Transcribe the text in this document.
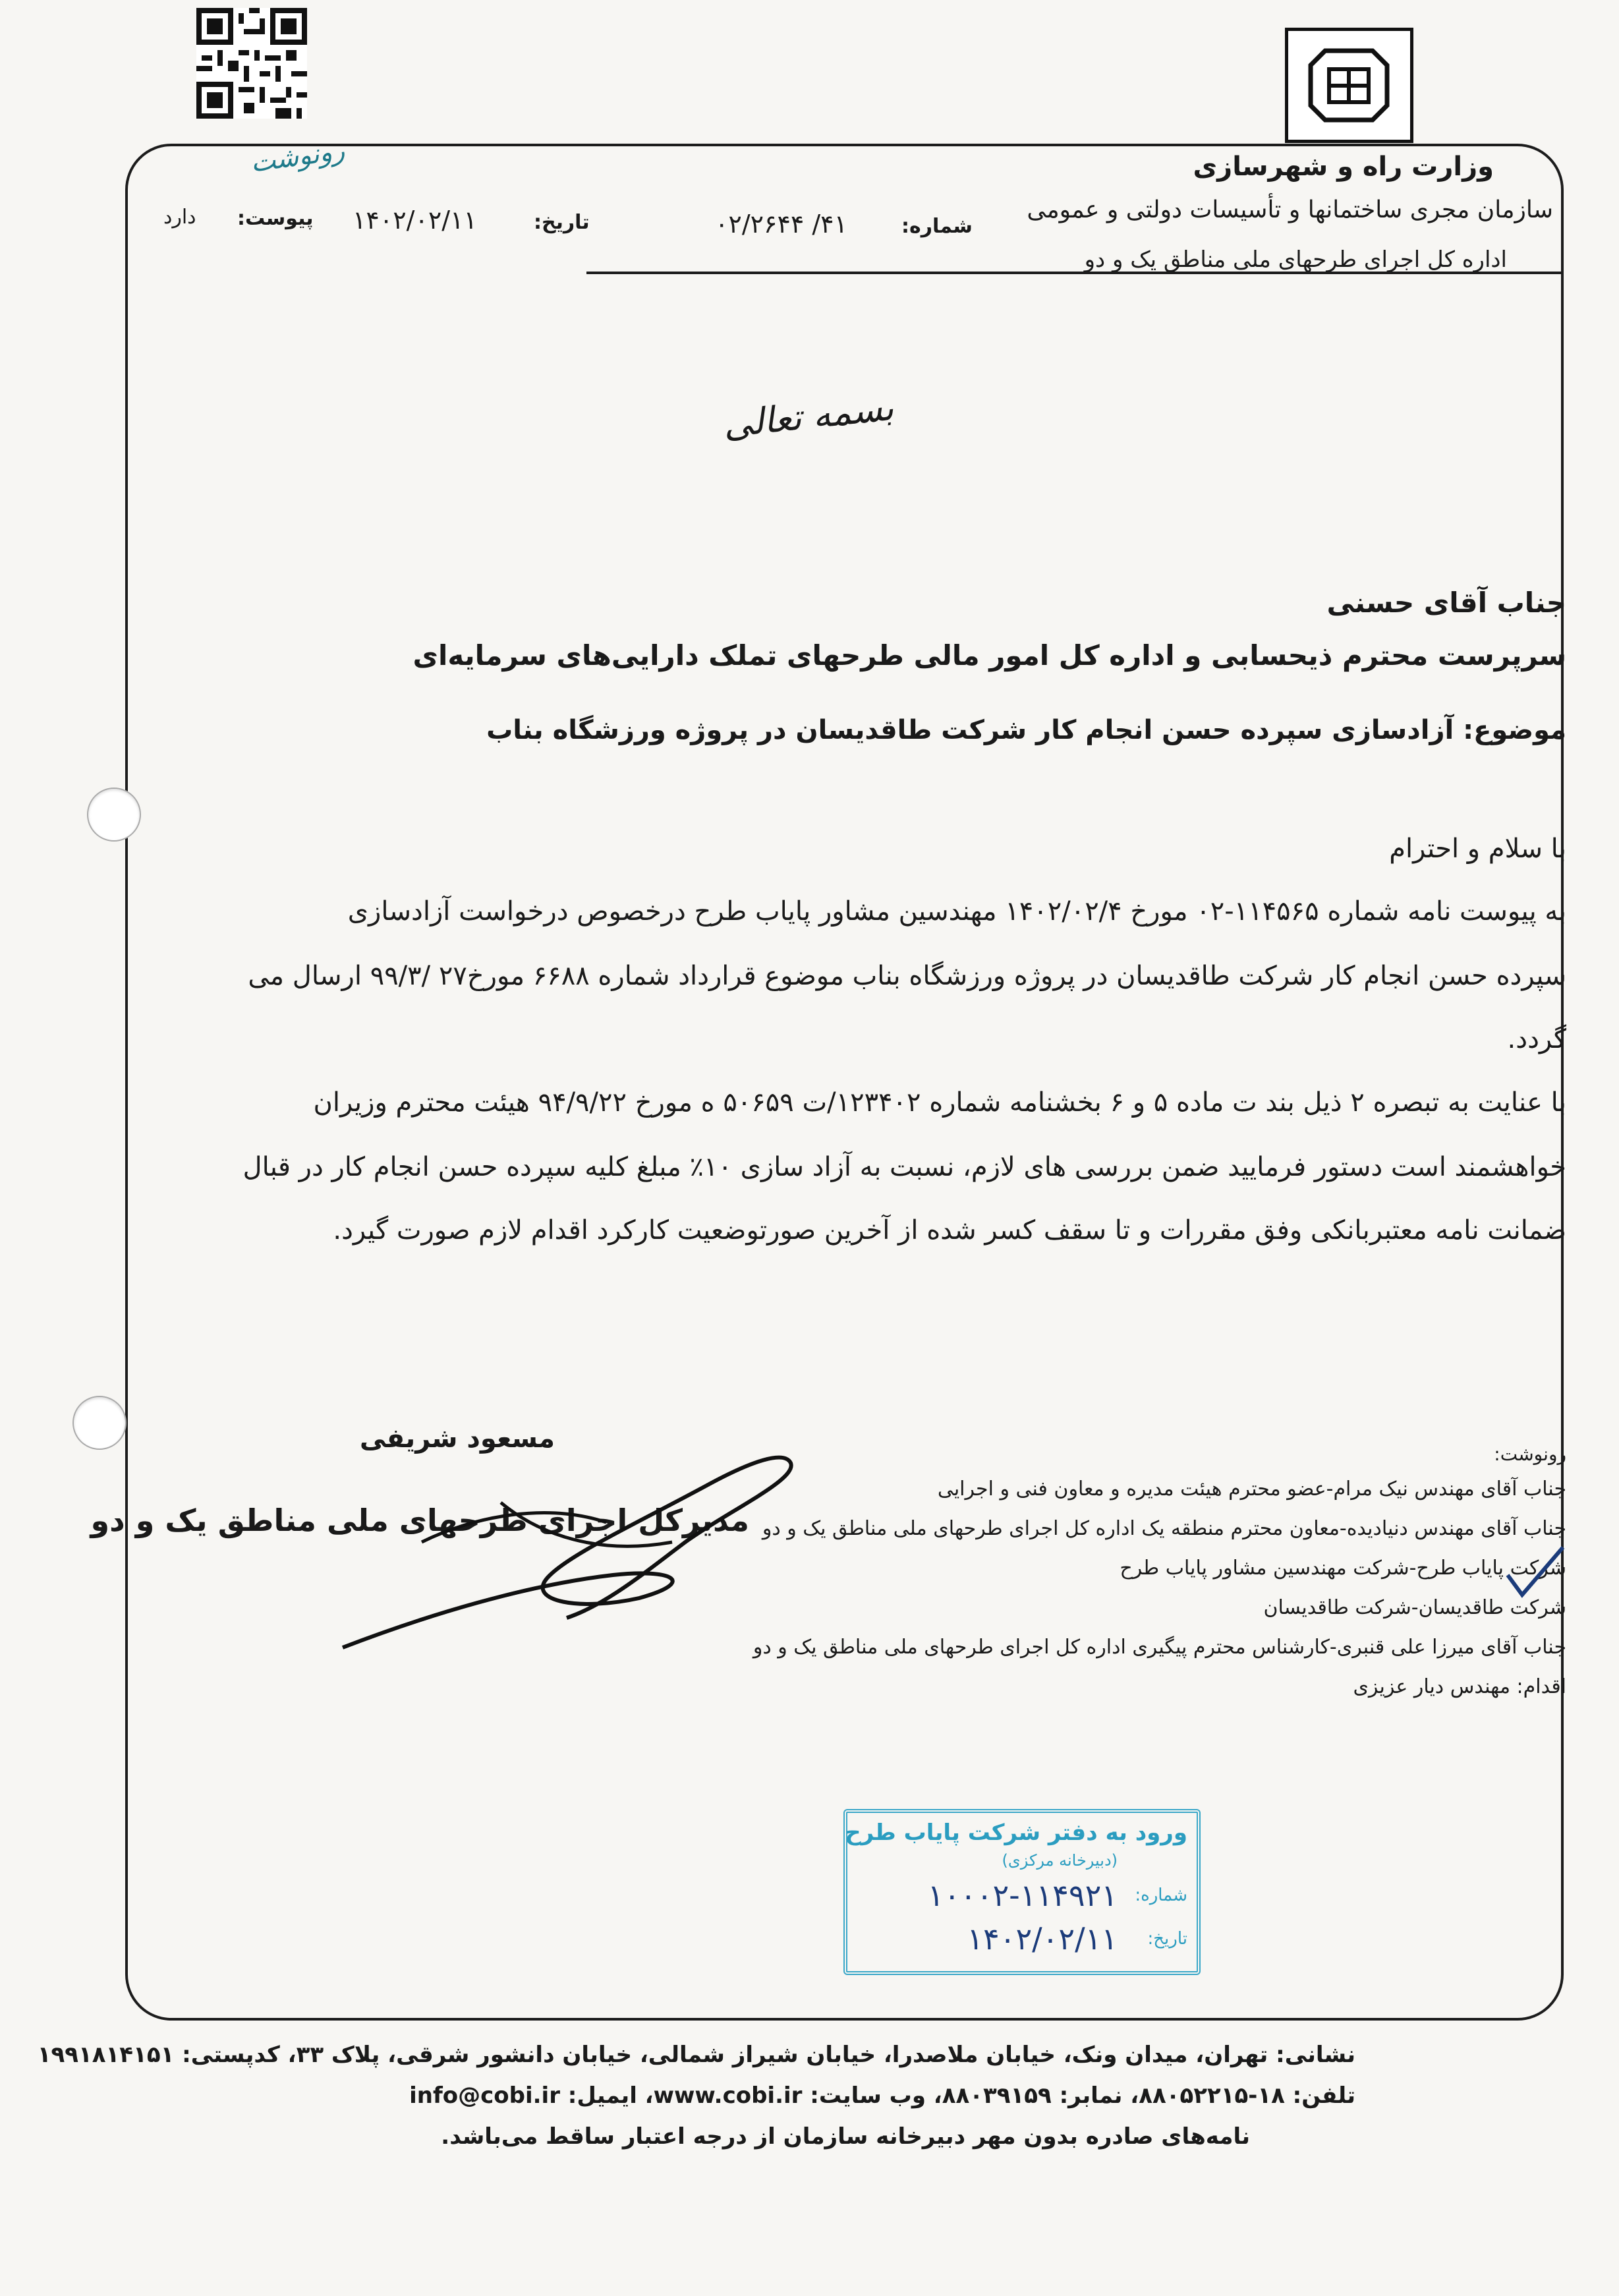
وزارت راه و شهرسازی
سازمان مجری ساختمانها و تأسیسات دولتی و عمومی
اداره کل اجرای طرحهای ملی مناطق یک و دو
رونوشت
شماره:
۴۱/ ۰۲/۲۶۴۴
تاریخ:
۱۴۰۲/۰۲/۱۱
پیوست:
دارد
بسمه تعالی
جناب آقای حسنی
سرپرست محترم ذیحسابی و اداره کل امور مالی طرحهای تملک دارایی‌های سرمایه‌ای
موضوع: آزادسازی سپرده حسن انجام کار شرکت طاقدیسان در پروژه ورزشگاه بناب
با سلام و احترام
به پیوست نامه شماره ۱۱۴۵۶۵-۰۲ مورخ ۱۴۰۲/۰۲/۴ مهندسین مشاور پایاب طرح درخصوص درخواست آزادسازی
سپرده حسن انجام کار شرکت طاقدیسان در پروژه ورزشگاه بناب موضوع قرارداد شماره ۶۶۸۸ مورخ۲۷ /۹۹/۳ ارسال می
گردد.
با عنایت به تبصره ۲ ذیل بند ت ماده ۵ و ۶ بخشنامه شماره ۱۲۳۴۰۲/ت ۵۰۶۵۹ ه مورخ ۹۴/۹/۲۲ هیئت محترم وزیران
خواهشمند است دستور فرمایید ضمن بررسی های لازم، نسبت به آزاد سازی ۱۰٪ مبلغ کلیه سپرده حسن انجام کار در قبال
ضمانت نامه معتبربانکی وفق مقررات و تا سقف کسر شده از آخرین صورتوضعیت کارکرد اقدام لازم صورت گیرد.
مسعود شریفی
مدیرکل اجرای طرحهای ملی مناطق یک و دو
رونوشت:
جناب آقای مهندس نیک مرام-عضو محترم هیئت مدیره و معاون فنی و اجرایی
جناب آقای مهندس دنیادیده-معاون محترم منطقه یک اداره کل اجرای طرحهای ملی مناطق یک و دو
شرکت پایاب طرح-شرکت مهندسین مشاور پایاب طرح
شرکت طاقدیسان-شرکت طاقدیسان
جناب آقای میرزا علی قنبری-کارشناس محترم پیگیری اداره کل اجرای طرحهای ملی مناطق یک و دو
اقدام: مهندس دیار عزیزی
ورود به دفتر شرکت پایاب طرح
(دبیرخانه مرکزی)
شماره:
۱۰۰۰۲-۱۱۴۹۲۱
تاریخ:
۱۴۰۲/۰۲/۱۱
نشانی: تهران، میدان ونک، خیابان ملاصدرا، خیابان شیراز شمالی، خیابان دانشور شرقی، پلاک ۳۳، کدپستی: ۱۹۹۱۸۱۴۱۵۱
تلفن: ۱۸-۸۸۰۵۲۲۱۵، نمابر: ۸۸۰۳۹۱۵۹، وب سایت: www.cobi.ir، ایمیل: info@cobi.ir
نامه‌های صادره بدون مهر دبیرخانه سازمان از درجه اعتبار ساقط می‌باشد.
